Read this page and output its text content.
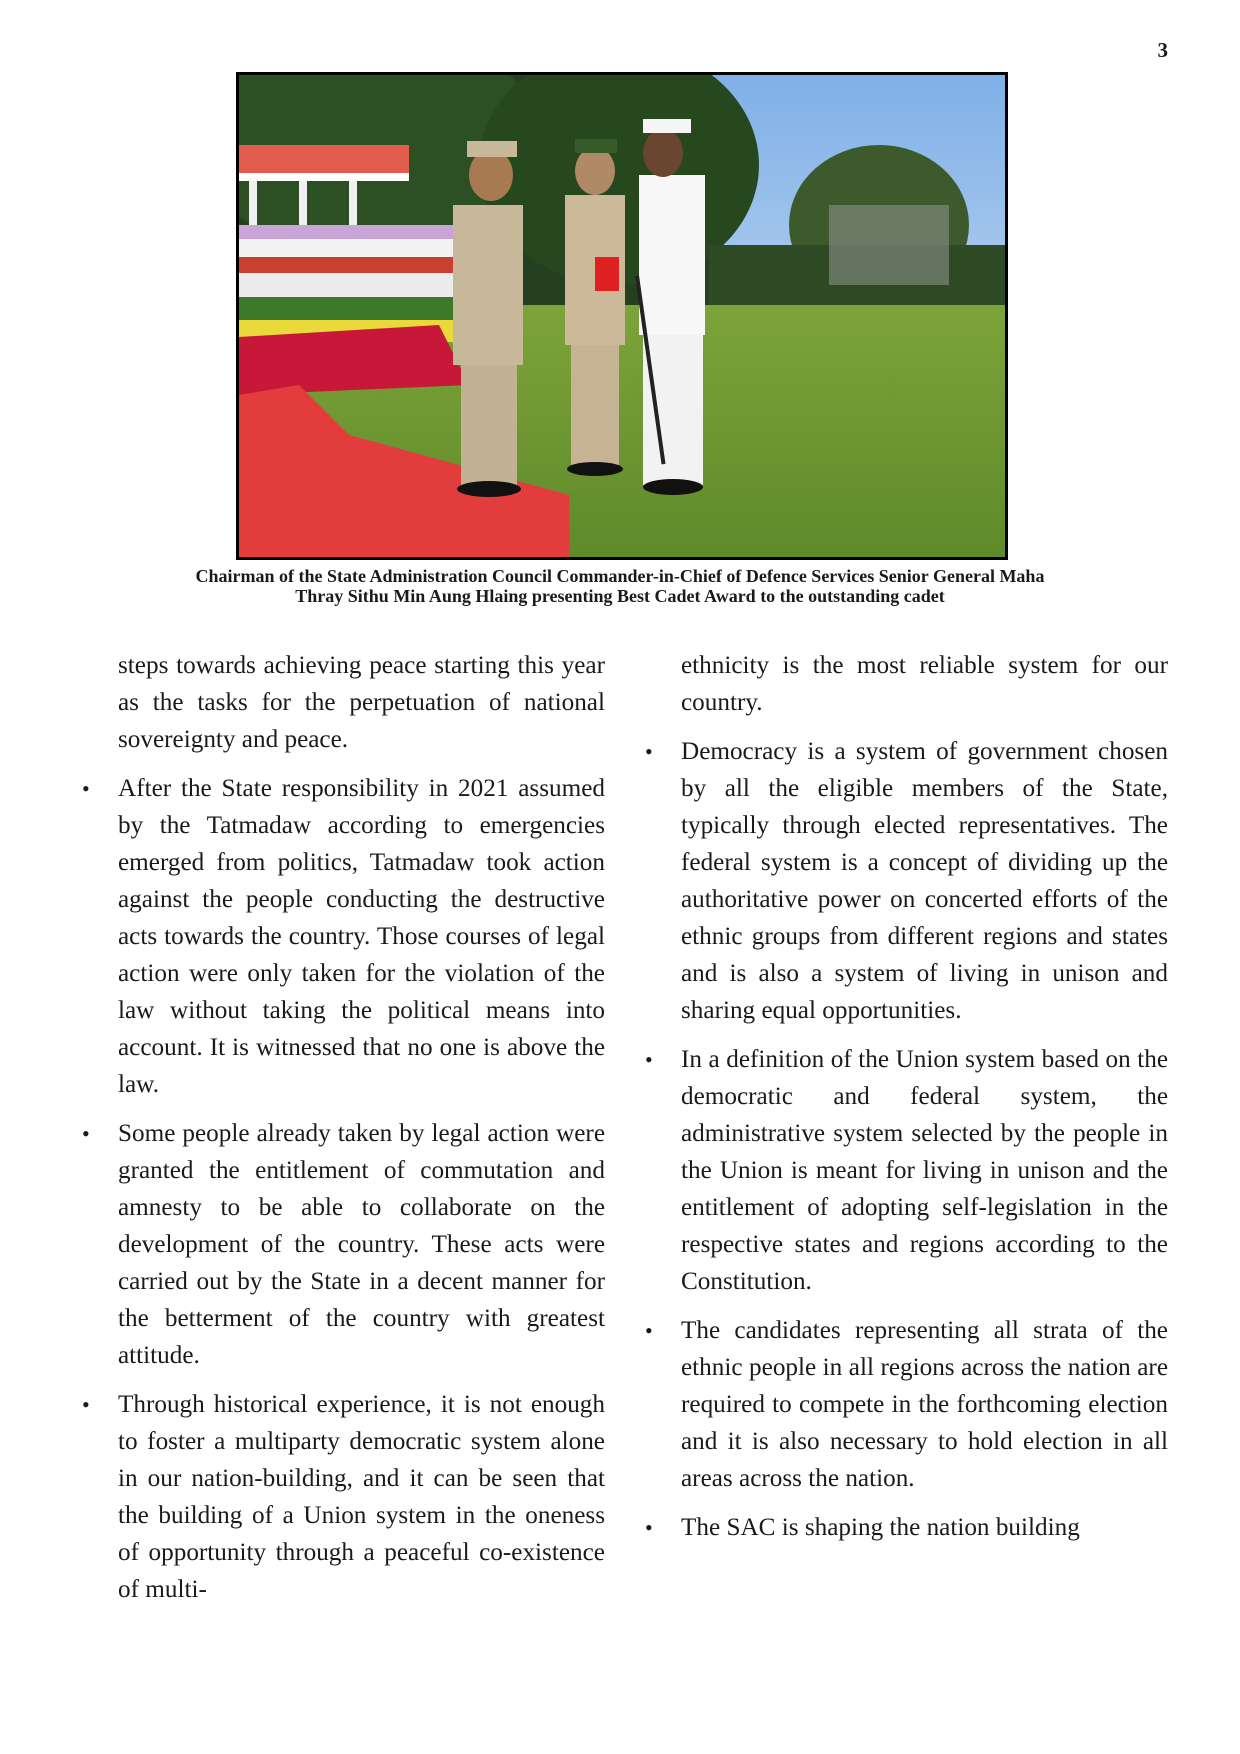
3
Chairman of the State Administration Council Commander-in-Chief of Defence Services Senior General Maha Thray Sithu Min Aung Hlaing presenting Best Cadet Award to the outstanding cadet

steps towards achieving peace starting this year as the tasks for the perpetuation of national sovereignty and peace.

• After the State responsibility in 2021 assumed by the Tatmadaw according to emergencies emerged from politics, Tatmadaw took action against the people conducting the destructive acts towards the country. Those courses of legal action were only taken for the violation of the law without taking the political means into account. It is witnessed that no one is above the law.

• Some people already taken by legal action were granted the entitlement of commutation and amnesty to be able to collaborate on the development of the country. These acts were carried out by the State in a decent manner for the betterment of the country with greatest attitude.

• Through historical experience, it is not enough to foster a multiparty democratic system alone in our nation-building, and it can be seen that the building of a Union system in the oneness of opportunity through a peaceful co-existence of multi-

ethnicity is the most reliable system for our country.

• Democracy is a system of government chosen by all the eligible members of the State, typically through elected representatives. The federal system is a concept of dividing up the authoritative power on concerted efforts of the ethnic groups from different regions and states and is also a system of living in unison and sharing equal opportunities.

• In a definition of the Union system based on the democratic and federal system, the administrative system selected by the people in the Union is meant for living in unison and the entitlement of adopting self-legislation in the respective states and regions according to the Constitution.

• The candidates representing all strata of the ethnic people in all regions across the nation are required to compete in the forthcoming election and it is also necessary to hold election in all areas across the nation.

• The SAC is shaping the nation building
